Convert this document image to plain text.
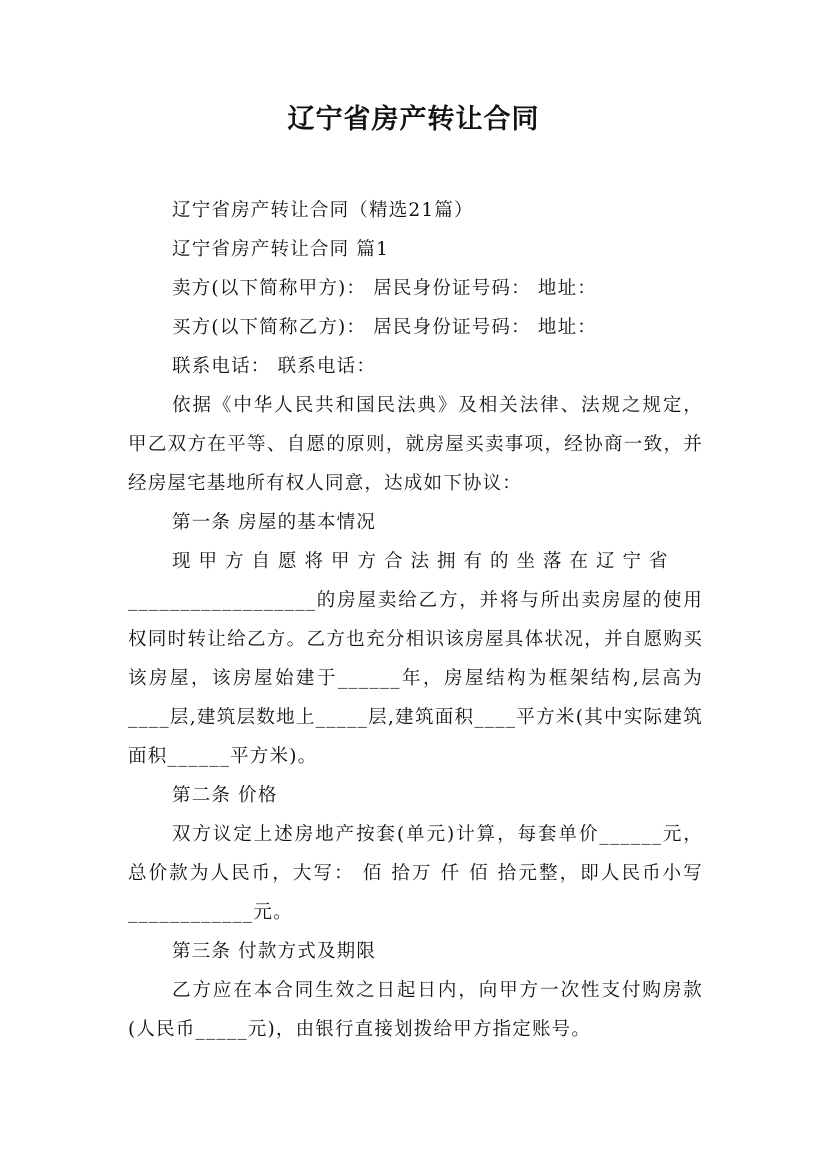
辽宁省房产转让合同

辽宁省房产转让合同（精选21篇）

辽宁省房产转让合同 篇1

卖方(以下简称甲方)： 居民身份证号码： 地址：

买方(以下简称乙方)： 居民身份证号码： 地址：

联系电话： 联系电话：

依据《中华人民共和国民法典》及相关法律、法规之规定，甲乙双方在平等、自愿的原则，就房屋买卖事项，经协商一致，并经房屋宅基地所有权人同意，达成如下协议：

第一条 房屋的基本情况

现甲方自愿将甲方合法拥有的坐落在辽宁省

__________________的房屋卖给乙方，并将与所出卖房屋的使用权同时转让给乙方。乙方也充分相识该房屋具体状况，并自愿购买该房屋，该房屋始建于______年，房屋结构为框架结构,层高为____层,建筑层数地上_____层,建筑面积____平方米(其中实际建筑面积______平方米)。

第二条 价格

双方议定上述房地产按套(单元)计算，每套单价______元，总价款为人民币，大写： 佰 拾万 仟 佰 拾元整，即人民币小写____________元。

第三条 付款方式及期限

乙方应在本合同生效之日起日内，向甲方一次性支付购房款(人民币_____元)，由银行直接划拨给甲方指定账号。
